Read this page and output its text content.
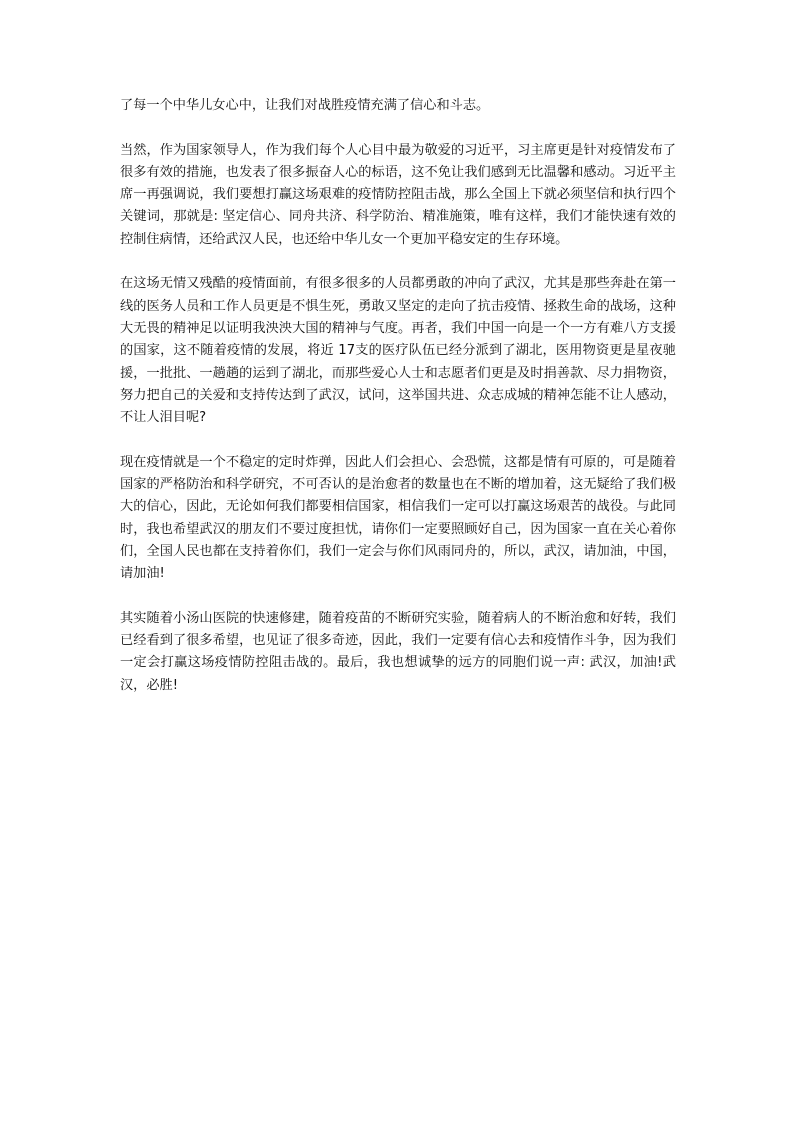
了每一个中华儿女心中，让我们对战胜疫情充满了信心和斗志。

当然，作为国家领导人，作为我们每个人心目中最为敬爱的习近平，习主席更是针对疫情发布了很多有效的措施，也发表了很多振奋人心的标语，这不免让我们感到无比温馨和感动。习近平主席一再强调说，我们要想打赢这场艰难的疫情防控阻击战，那么全国上下就必须坚信和执行四个关键词，那就是: 坚定信心、同舟共济、科学防治、精准施策，唯有这样，我们才能快速有效的控制住病情，还给武汉人民，也还给中华儿女一个更加平稳安定的生存环境。

在这场无情又残酷的疫情面前，有很多很多的人员都勇敢的冲向了武汉，尤其是那些奔赴在第一线的医务人员和工作人员更是不惧生死，勇敢又坚定的走向了抗击疫情、拯救生命的战场，这种大无畏的精神足以证明我泱泱大国的精神与气度。再者，我们中国一向是一个一方有难八方支援的国家，这不随着疫情的发展，将近 17支的医疗队伍已经分派到了湖北，医用物资更是星夜驰援，一批批、一趟趟的运到了湖北，而那些爱心人士和志愿者们更是及时捐善款、尽力捐物资，努力把自己的关爱和支持传达到了武汉，试问，这举国共进、众志成城的精神怎能不让人感动，不让人泪目呢?

现在疫情就是一个不稳定的定时炸弹，因此人们会担心、会恐慌，这都是情有可原的，可是随着国家的严格防治和科学研究，不可否认的是治愈者的数量也在不断的增加着，这无疑给了我们极大的信心，因此，无论如何我们都要相信国家，相信我们一定可以打赢这场艰苦的战役。与此同时，我也希望武汉的朋友们不要过度担忧，请你们一定要照顾好自己，因为国家一直在关心着你们，全国人民也都在支持着你们，我们一定会与你们风雨同舟的，所以，武汉，请加油，中国，请加油!

其实随着小汤山医院的快速修建，随着疫苗的不断研究实验，随着病人的不断治愈和好转，我们已经看到了很多希望，也见证了很多奇迹，因此，我们一定要有信心去和疫情作斗争，因为我们一定会打赢这场疫情防控阻击战的。最后，我也想诚挚的远方的同胞们说一声: 武汉，加油!武汉，必胜!
